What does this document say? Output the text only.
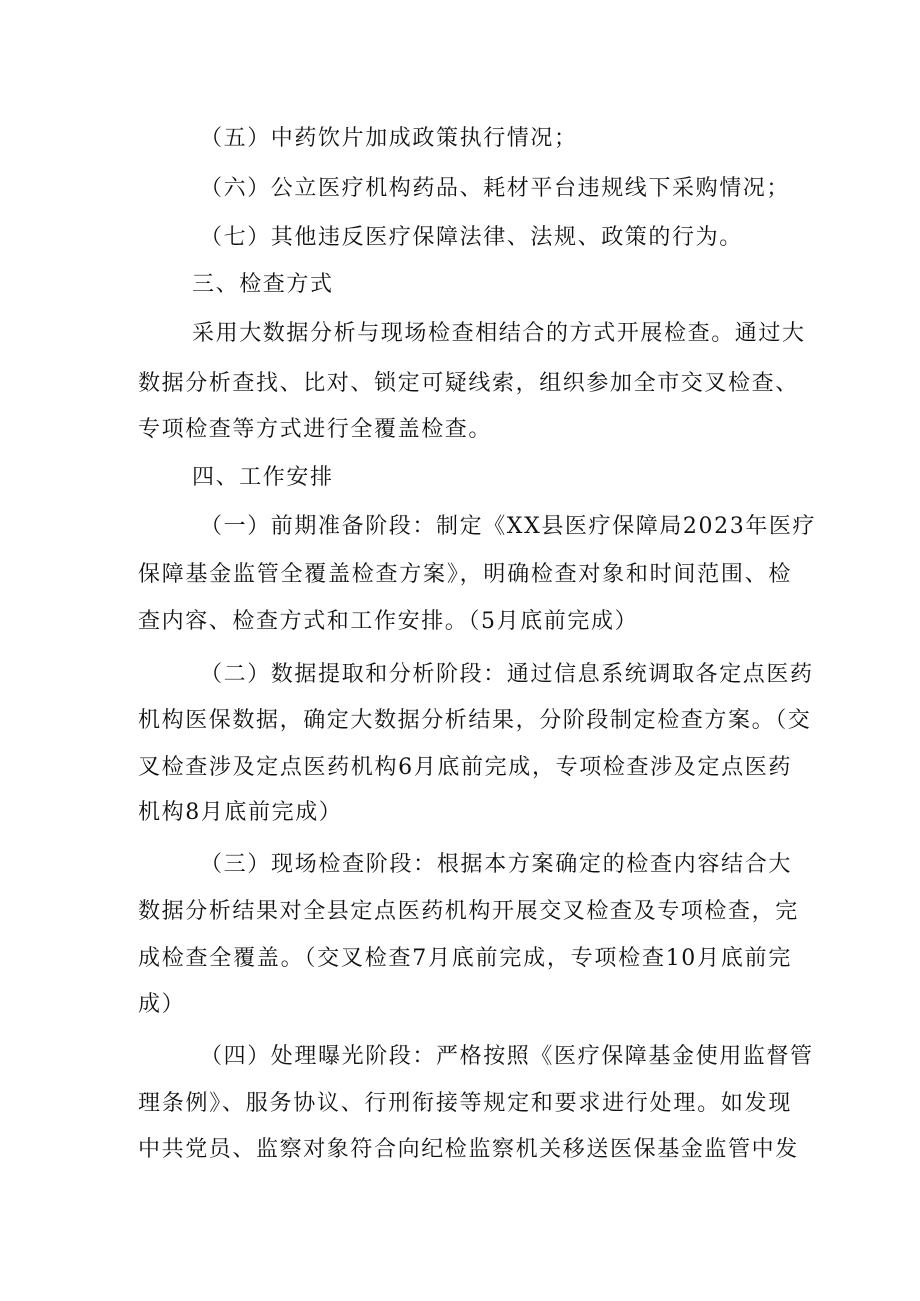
（五）中药饮片加成政策执行情况；
（六）公立医疗机构药品、耗材平台违规线下采购情况；
（七）其他违反医疗保障法律、法规、政策的行为。
三、检查方式
采用大数据分析与现场检查相结合的方式开展检查。通过大
数据分析查找、比对、锁定可疑线索，组织参加全市交叉检查、
专项检查等方式进行全覆盖检查。
四、工作安排
（一）前期准备阶段：制定《XX县医疗保障局2023年医疗
保障基金监管全覆盖检查方案》，明确检查对象和时间范围、检
查内容、检查方式和工作安排。（5月底前完成）
（二）数据提取和分析阶段：通过信息系统调取各定点医药
机构医保数据，确定大数据分析结果，分阶段制定检查方案。（交
叉检查涉及定点医药机构6月底前完成，专项检查涉及定点医药
机构8月底前完成）
（三）现场检查阶段：根据本方案确定的检查内容结合大
数据分析结果对全县定点医药机构开展交叉检查及专项检查，完
成检查全覆盖。（交叉检查7月底前完成，专项检查10月底前完
成）
（四）处理曝光阶段：严格按照《医疗保障基金使用监督管
理条例》、服务协议、行刑衔接等规定和要求进行处理。如发现
中共党员、监察对象符合向纪检监察机关移送医保基金监管中发
